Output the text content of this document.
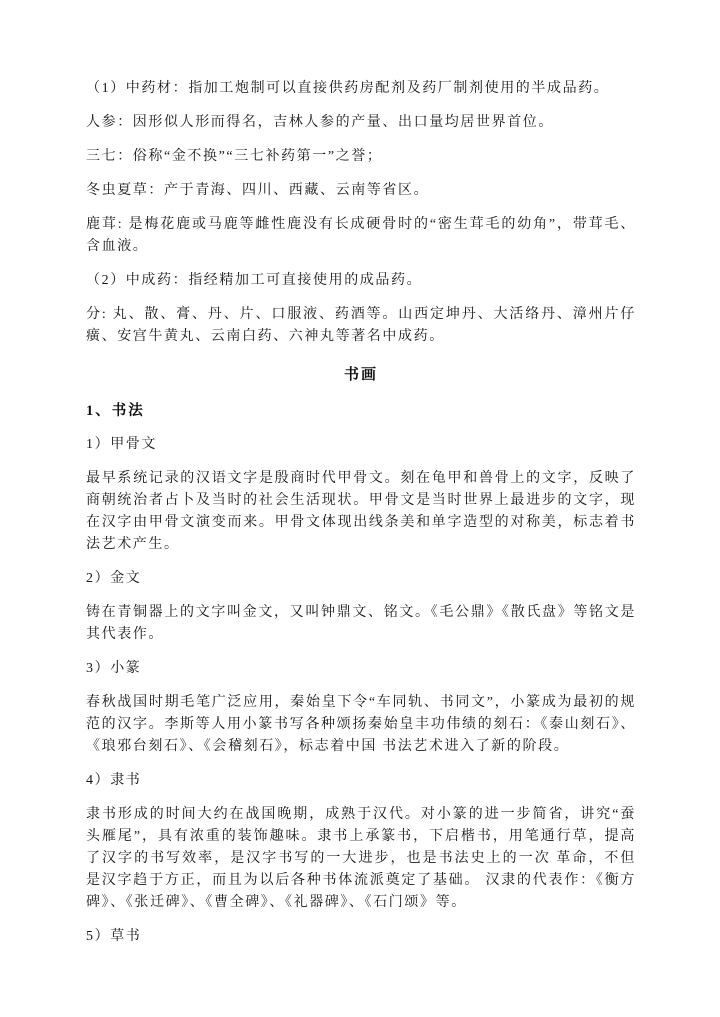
（1）中药材：指加工炮制可以直接供药房配剂及药厂制剂使用的半成品药。

人参：因形似人形而得名，吉林人参的产量、出口量均居世界首位。

三七：俗称“金不换”“三七补药第一”之誉；

冬虫夏草：产于青海、四川、西藏、云南等省区。

鹿茸: 是梅花鹿或马鹿等雌性鹿没有长成硬骨时的“密生茸毛的幼角”，带茸毛、含血液。

（2）中成药：指经精加工可直接使用的成品药。

分: 丸、散、膏、丹、片、口服液、药酒等。山西定坤丹、大活络丹、漳州片仔癀、安宫牛黄丸、云南白药、六神丸等著名中成药。

书画
1、书法

1）甲骨文

最早系统记录的汉语文字是殷商时代甲骨文。刻在龟甲和兽骨上的文字，反映了商朝统治者占卜及当时的社会生活现状。甲骨文是当时世界上最进步的文字，现在汉字由甲骨文演变而来。甲骨文体现出线条美和单字造型的对称美，标志着书法艺术产生。

2）金文

铸在青铜器上的文字叫金文，又叫钟鼎文、铭文。《毛公鼎》《散氏盘》等铭文是其代表作。

3）小篆

春秋战国时期毛笔广泛应用，秦始皇下令“车同轨、书同文”，小篆成为最初的规范的汉字。李斯等人用小篆书写各种颂扬秦始皇丰功伟绩的刻石：《泰山刻石》、《琅邪台刻石》、《会稽刻石》，标志着中国 书法艺术进入了新的阶段。

4）隶书

隶书形成的时间大约在战国晚期，成熟于汉代。对小篆的进一步简省，讲究“蚕头雁尾”，具有浓重的装饰趣味。隶书上承篆书，下启楷书，用笔通行草，提高了汉字的书写效率，是汉字书写的一大进步，也是书法史上的一次 革命，不但是汉字趋于方正，而且为以后各种书体流派奠定了基础。 汉隶的代表作：《衡方碑》、《张迁碑》、《曹全碑》、《礼器碑》、《石门颂》等。

5）草书
